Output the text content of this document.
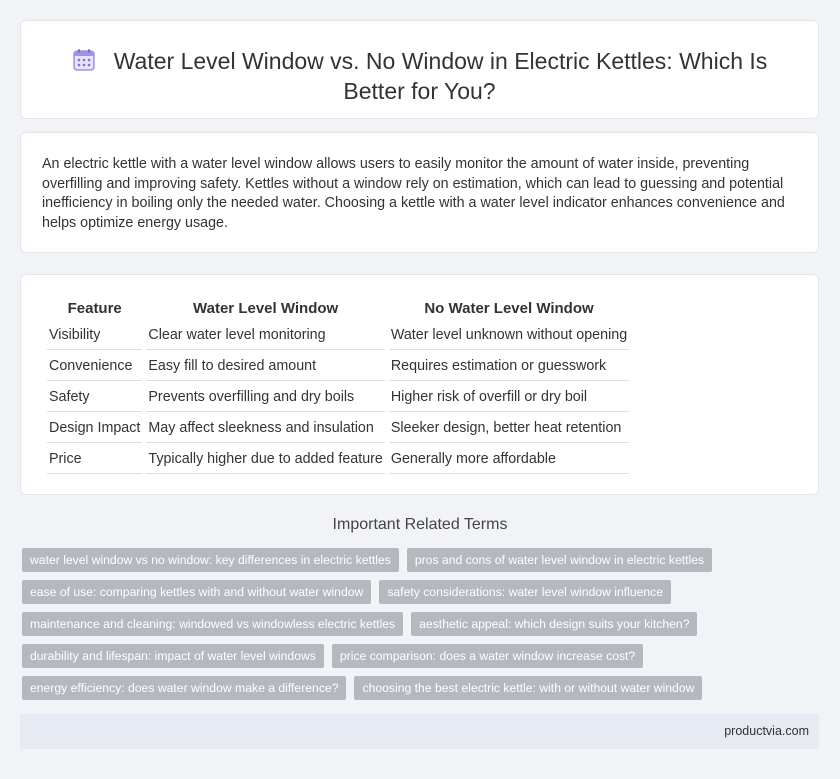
Water Level Window vs. No Window in Electric Kettles: Which Is Better for You?

An electric kettle with a water level window allows users to easily monitor the amount of water inside, preventing overfilling and improving safety. Kettles without a window rely on estimation, which can lead to guessing and potential inefficiency in boiling only the needed water. Choosing a kettle with a water level indicator enhances convenience and helps optimize energy usage.

Feature	Water Level Window	No Water Level Window
Visibility	Clear water level monitoring	Water level unknown without opening
Convenience	Easy fill to desired amount	Requires estimation or guesswork
Safety	Prevents overfilling and dry boils	Higher risk of overfill or dry boil
Design Impact	May affect sleekness and insulation	Sleeker design, better heat retention
Price	Typically higher due to added feature	Generally more affordable
Important Related Terms
water level window vs no window: key differences in electric kettles	pros and cons of water level window in electric kettles
ease of use: comparing kettles with and without water window	safety considerations: water level window influence
maintenance and cleaning: windowed vs windowless electric kettles	aesthetic appeal: which design suits your kitchen?
durability and lifespan: impact of water level windows	price comparison: does a water window increase cost?
energy efficiency: does water window make a difference?	choosing the best electric kettle: with or without water window
productvia.com
